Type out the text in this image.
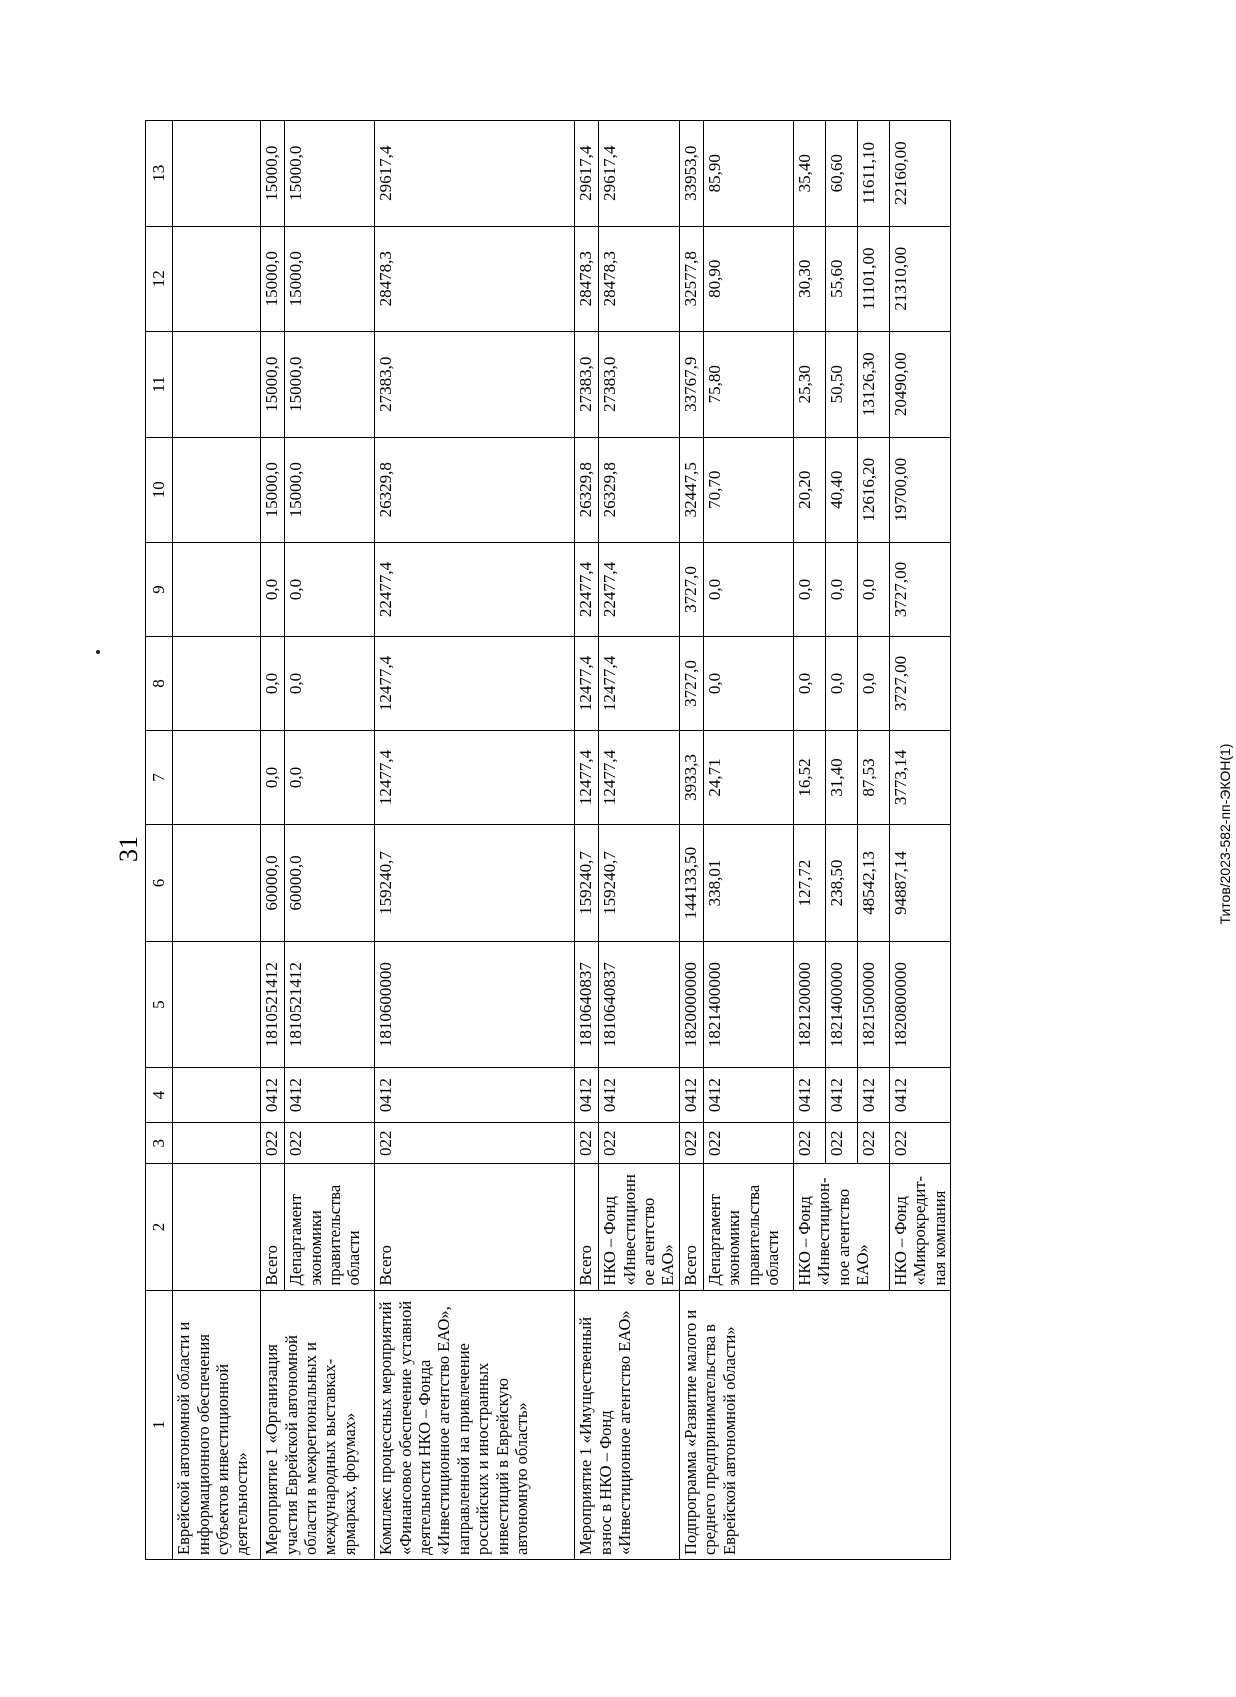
31	Титов/2023-582-пп-ЭКОН(1)
1	2	3	4	5	6	7	8	9	10	11	12	13
Еврейской автономной области и информационного обеспечения субъектов инвестиционной деятельности»												
Мероприятие 1 «Организация участия Еврейской автономной области в межрегиональных и международных выставках-ярмарках, форумах»	Всего	022	0412	1810521412	60000,0	0,0	0,0	0,0	15000,0	15000,0	15000,0	15000,0
	Департамент экономики правительства области	022	0412	1810521412	60000,0	0,0	0,0	0,0	15000,0	15000,0	15000,0	15000,0
Комплекс процессных мероприятий «Финансовое обеспечение уставной деятельности НКО – Фонда «Инвестиционное агентство ЕАО», направленной на привлечение российских и иностранных инвестиций в Еврейскую автономную область»	Всего	022	0412	1810600000	159240,7	12477,4	12477,4	22477,4	26329,8	27383,0	28478,3	29617,4
Мероприятие 1 «Имущественный взнос в НКО – Фонд «Инвестиционное агентство ЕАО»	Всего	022	0412	1810640837	159240,7	12477,4	12477,4	22477,4	26329,8	27383,0	28478,3	29617,4
	НКО – Фонд «Инвестиционное агентство ЕАО»	022	0412	1810640837	159240,7	12477,4	12477,4	22477,4	26329,8	27383,0	28478,3	29617,4
Подпрограмма «Развитие малого и среднего предпринимательства в Еврейской автономной области»	Всего	022	0412	1820000000	144133,50	3933,3	3727,0	3727,0	32447,5	33767,9	32577,8	33953,0
	Департамент экономики правительства области	022	0412	1821400000	338,01	24,71	0,0	0,0	70,70	75,80	80,90	85,90
	НКО – Фонд «Инвестицион-ное агентство ЕАО»	022	0412	1821200000	127,72	16,52	0,0	0,0	20,20	25,30	30,30	35,40
		022	0412	1821400000	238,50	31,40	0,0	0,0	40,40	50,50	55,60	60,60
		022	0412	1821500000	48542,13	87,53	0,0	0,0	12616,20	13126,30	11101,00	11611,10
	НКО – Фонд «Микрокредит-ная компания	022	0412	1820800000	94887,14	3773,14	3727,00	3727,00	19700,00	20490,00	21310,00	22160,00
